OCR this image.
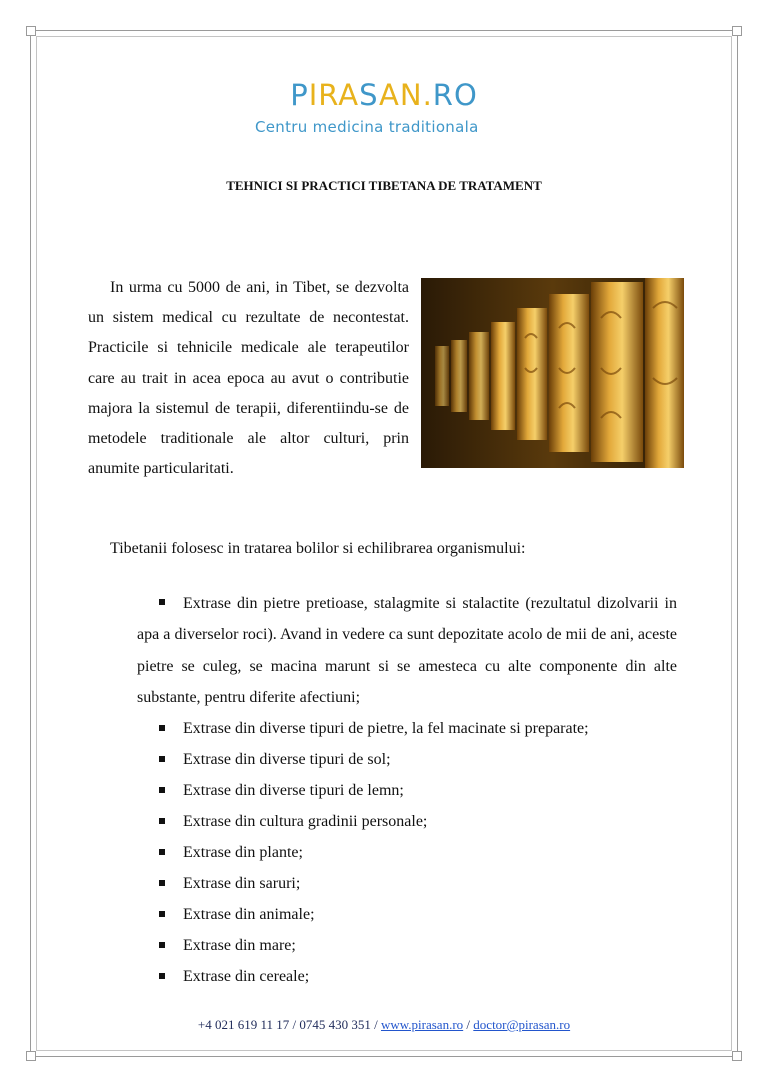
PIRASAN.RO
Centru medicina traditionala
TEHNICI SI PRACTICI TIBETANA DE TRATAMENT

In urma cu 5000 de ani, in Tibet, se dezvolta un sistem medical cu rezultate de necontestat. Practicile si tehnicile medicale ale terapeutilor care au trait in acea epoca au avut o contributie majora la sistemul de terapii, diferentiindu-se de metodele traditionale ale altor culturi, prin anumite particularitati.

Tibetanii folosesc in tratarea bolilor si echilibrarea organismului:

Extrase din pietre pretioase, stalagmite si stalactite (rezultatul dizolvarii in apa a diverselor roci). Avand in vedere ca sunt depozitate acolo de mii de ani, aceste pietre se culeg, se macina marunt si se amesteca cu alte componente din alte substante, pentru diferite afectiuni;
Extrase din diverse tipuri de pietre, la fel macinate si preparate;
Extrase din diverse tipuri de sol;
Extrase din diverse tipuri de lemn;
Extrase din cultura gradinii personale;
Extrase din plante;
Extrase din saruri;
Extrase din animale;
Extrase din mare;
Extrase din cereale;
+4 021 619 11 17 / 0745 430 351 / www.pirasan.ro / doctor@pirasan.ro
